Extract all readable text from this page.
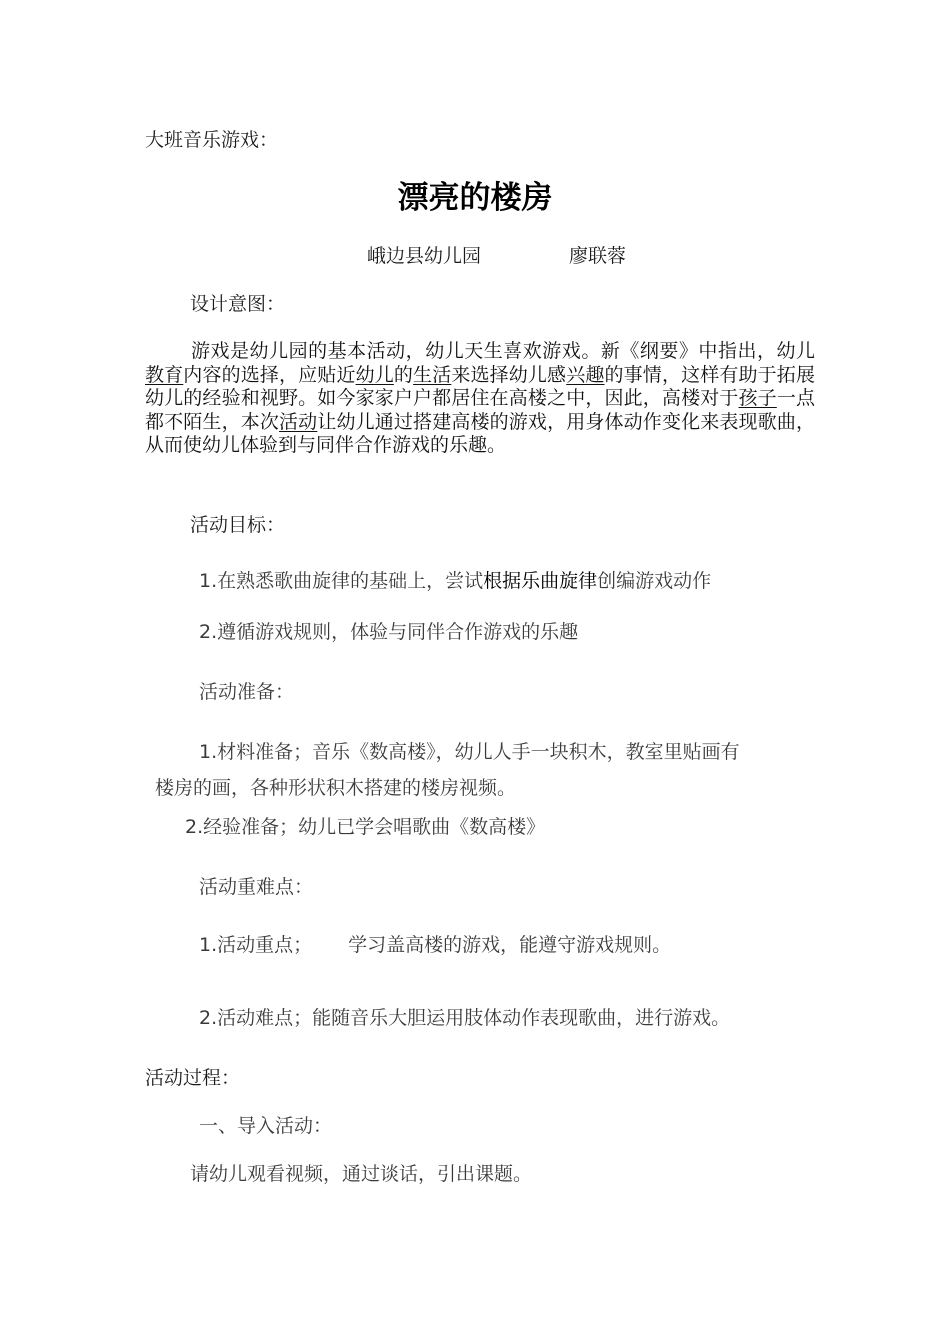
大班音乐游戏：
漂亮的楼房
峨边县幼儿园	廖联蓉
设计意图：
游戏是幼儿园的基本活动，幼儿天生喜欢游戏。新《纲要》中指出，幼儿教育内容的选择，应贴近幼儿的生活来选择幼儿感兴趣的事情，这样有助于拓展幼儿的经验和视野。如今家家户户都居住在高楼之中，因此，高楼对于孩子一点都不陌生，本次活动让幼儿通过搭建高楼的游戏，用身体动作变化来表现歌曲，从而使幼儿体验到与同伴合作游戏的乐趣。
活动目标：
1.在熟悉歌曲旋律的基础上，尝试根据乐曲旋律创编游戏动作
2.遵循游戏规则，体验与同伴合作游戏的乐趣
活动准备：
1.材料准备；音乐《数高楼》，幼儿人手一块积木，教室里贴画有
楼房的画，各种形状积木搭建的楼房视频。
2.经验准备；幼儿已学会唱歌曲《数高楼》
活动重难点：
1.活动重点； 学习盖高楼的游戏，能遵守游戏规则。
2.活动难点；能随音乐大胆运用肢体动作表现歌曲，进行游戏。
活动过程：
一、导入活动：
请幼儿观看视频，通过谈话，引出课题。
